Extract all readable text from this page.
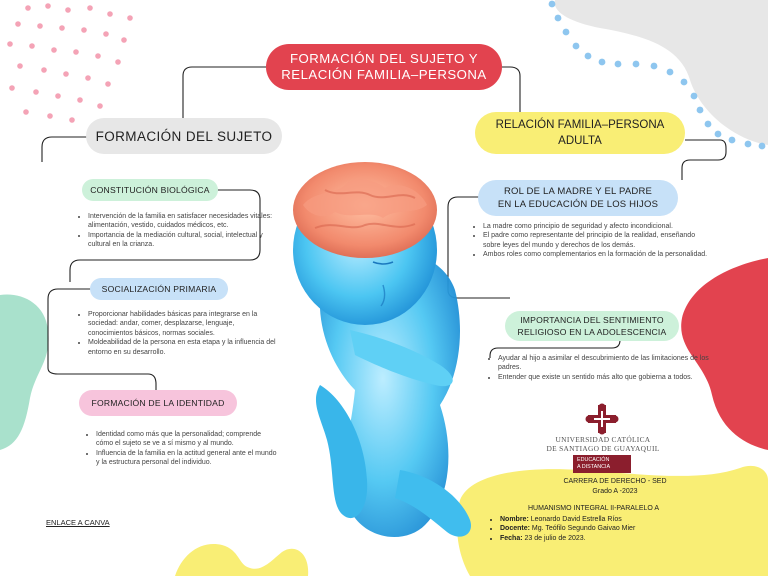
FORMACIÓN DEL SUJETO Y
RELACIÓN FAMILIA–PERSONA
FORMACIÓN DEL SUJETO
RELACIÓN FAMILIA–PERSONA
ADULTA
CONSTITUCIÓN BIOLÓGICA
• Intervención de la familia en satisfacer necesidades vitales: alimentación, vestido, cuidados médicos, etc.
• Importancia de la mediación cultural, social, intelectual y cultural en la crianza.
SOCIALIZACIÓN PRIMARIA
• Proporcionar habilidades básicas para integrarse en la sociedad: andar, comer, desplazarse, lenguaje, conocimientos básicos, normas sociales.
• Moldeabilidad de la persona en esta etapa y la influencia del entorno en su desarrollo.
FORMACIÓN DE LA IDENTIDAD
• Identidad como más que la personalidad; comprende cómo el sujeto se ve a sí mismo y al mundo.
• Influencia de la familia en la actitud general ante el mundo y la estructura personal del individuo.
ROL DE LA MADRE Y EL PADRE
EN LA EDUCACIÓN DE LOS HIJOS
• La madre como principio de seguridad y afecto incondicional.
• El padre como representante del principio de la realidad, enseñando sobre leyes del mundo y derechos de los demás.
• Ambos roles como complementarios en la formación de la personalidad.
IMPORTANCIA DEL SENTIMIENTO
RELIGIOSO EN LA ADOLESCENCIA
• Ayudar al hijo a asimilar el descubrimiento de las limitaciones de los padres.
• Entender que existe un sentido más alto que gobierna a todos.
UNIVERSIDAD CATÓLICA
DE SANTIAGO DE GUAYAQUIL
EDUCACIÓN
A DISTANCIA
CARRERA DE DERECHO - SED
Grado A -2023
HUMANISMO INTEGRAL II-PARALELO A
• Nombre: Leonardo David Estrella Ríos
• Docente: Mg. Teófilo Segundo Gaivao Mier
• Fecha: 23 de julio de 2023.
ENLACE A CANVA
